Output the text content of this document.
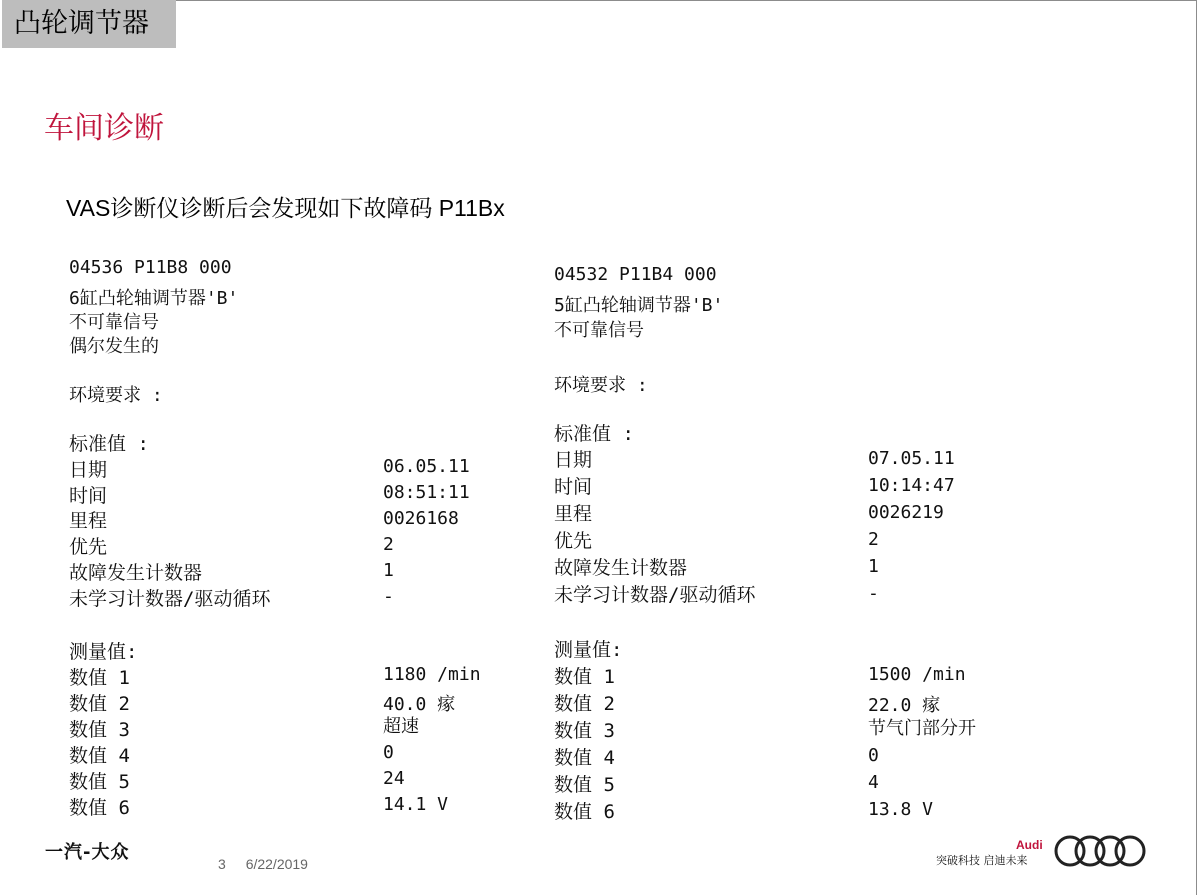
凸轮调节器
车间诊断
VAS诊断仪诊断后会发现如下故障码 P11Bx
04536 P11B8 000
6缸凸轮轴调节器'B'
不可靠信号
偶尔发生的
环境要求 :
标准值 :
日期	06.05.11
时间	08:51:11
里程	0026168
优先	2
故障发生计数器	1
未学习计数器/驱动循环	-
测量值:
数值 1	1180 /min
数值 2	40.0 瘃
数值 3	超速
数值 4	0
数值 5	24
数值 6	14.1 V
04532 P11B4 000
5缸凸轮轴调节器'B'
不可靠信号
环境要求 :
标准值 :
日期	07.05.11
时间	10:14:47
里程	0026219
优先	2
故障发生计数器	1
未学习计数器/驱动循环	-
测量值:
数值 1	1500 /min
数值 2	22.0 瘃
数值 3	节气门部分开
数值 4	0
数值 5	4
数值 6	13.8 V
一汽-大众
3 6/22/2019
Audi
突破科技 启迪未来
